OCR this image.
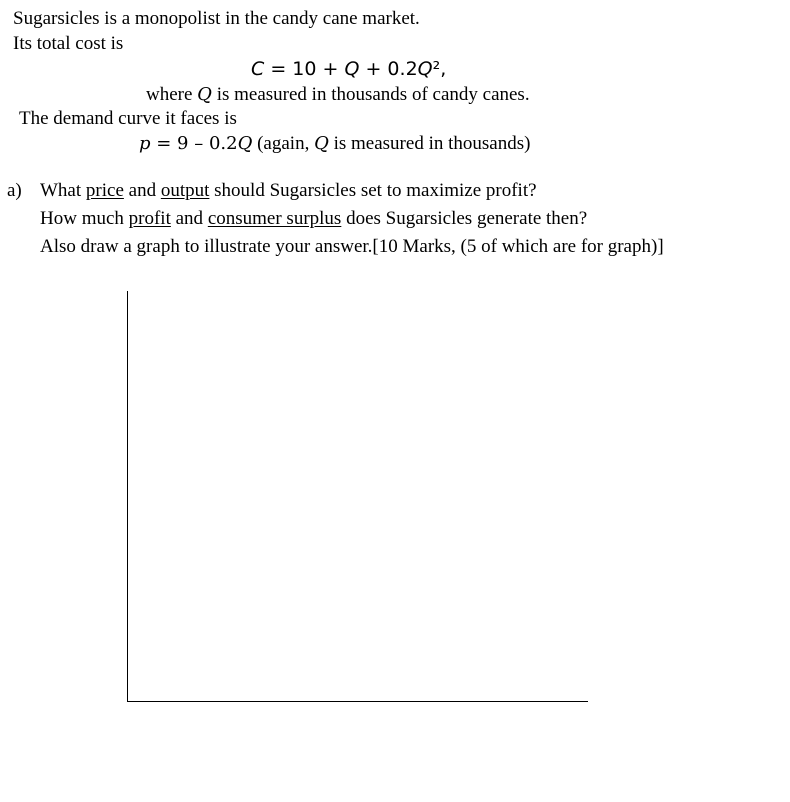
Sugarsicles is a monopolist in the candy cane market.
Its total cost is
C = 10 + Q + 0.2Q²,
where Q is measured in thousands of candy canes.
The demand curve it faces is
p = 9 – 0.2Q (again, Q is measured in thousands)
a) What price and output should Sugarsicles set to maximize profit?
How much profit and consumer surplus does Sugarsicles generate then?
Also draw a graph to illustrate your answer.[10 Marks, (5 of which are for graph)]
